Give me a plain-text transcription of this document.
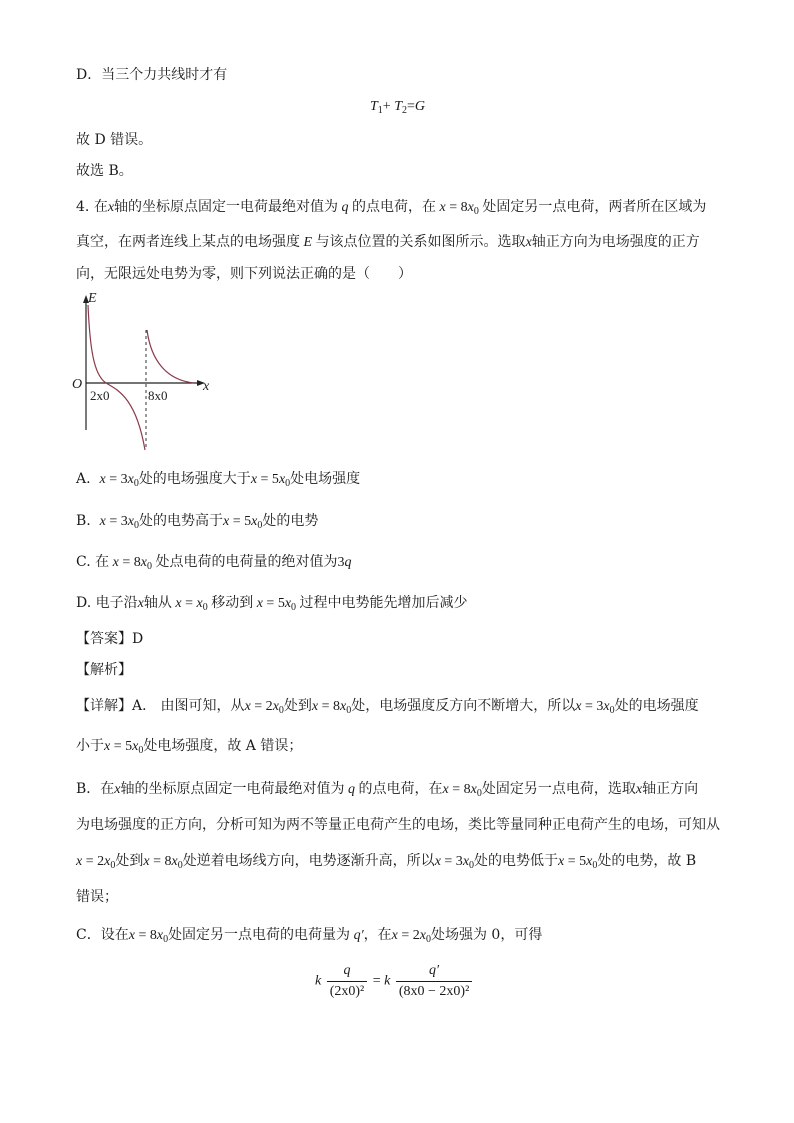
D．当三个力共线时才有
$T_1+ T_2=G$
故 D 错误。
故选 B。
4. 在x轴的坐标原点固定一电荷最绝对值为 q 的点电荷，在 $x = 8x_0$ 处固定另一点电荷，两者所在区域为
真空，在两者连线上某点的电场强度 E 与该点位置的关系如图所示。选取x轴正方向为电场强度的正方
向，无限远处电势为零，则下列说法正确的是（　　）
E
O	x
2x0	8x0
A. $x = 3x_0$处的电场强度大于$x = 5x_0$处电场强度
B. $x = 3x_0$处的电势高于$x = 5x_0$处的电势
C. 在 $x = 8x_0$ 处点电荷的电荷量的绝对值为3q
D. 电子沿x轴从 $x = x_0$ 移动到 $x = 5x_0$ 过程中电势能先增加后减少
【答案】D
【解析】
【详解】A． 由图可知，从$x = 2x_0$处到$x = 8x_0$处，电场强度反方向不断增大，所以$x = 3x_0$处的电场强度
小于$x = 5x_0$处电场强度，故 A 错误；
B．在x轴的坐标原点固定一电荷最绝对值为 q 的点电荷，在$x = 8x_0$处固定另一点电荷，选取x轴正方向
为电场强度的正方向，分析可知为两不等量正电荷产生的电场，类比等量同种正电荷产生的电场，可知从
$x = 2x_0$处到$x = 8x_0$处逆着电场线方向，电势逐渐升高，所以$x = 3x_0$处的电势低于$x = 5x_0$处的电势，故 B
错误；
C．设在$x = 8x_0$处固定另一点电荷的电荷量为 q′，在$x = 2x_0$处场强为 0，可得
k $\frac{q}{\text{(2x0)²}} = k \frac{q'}{\text{(8x0 − 2x0)²}}$
